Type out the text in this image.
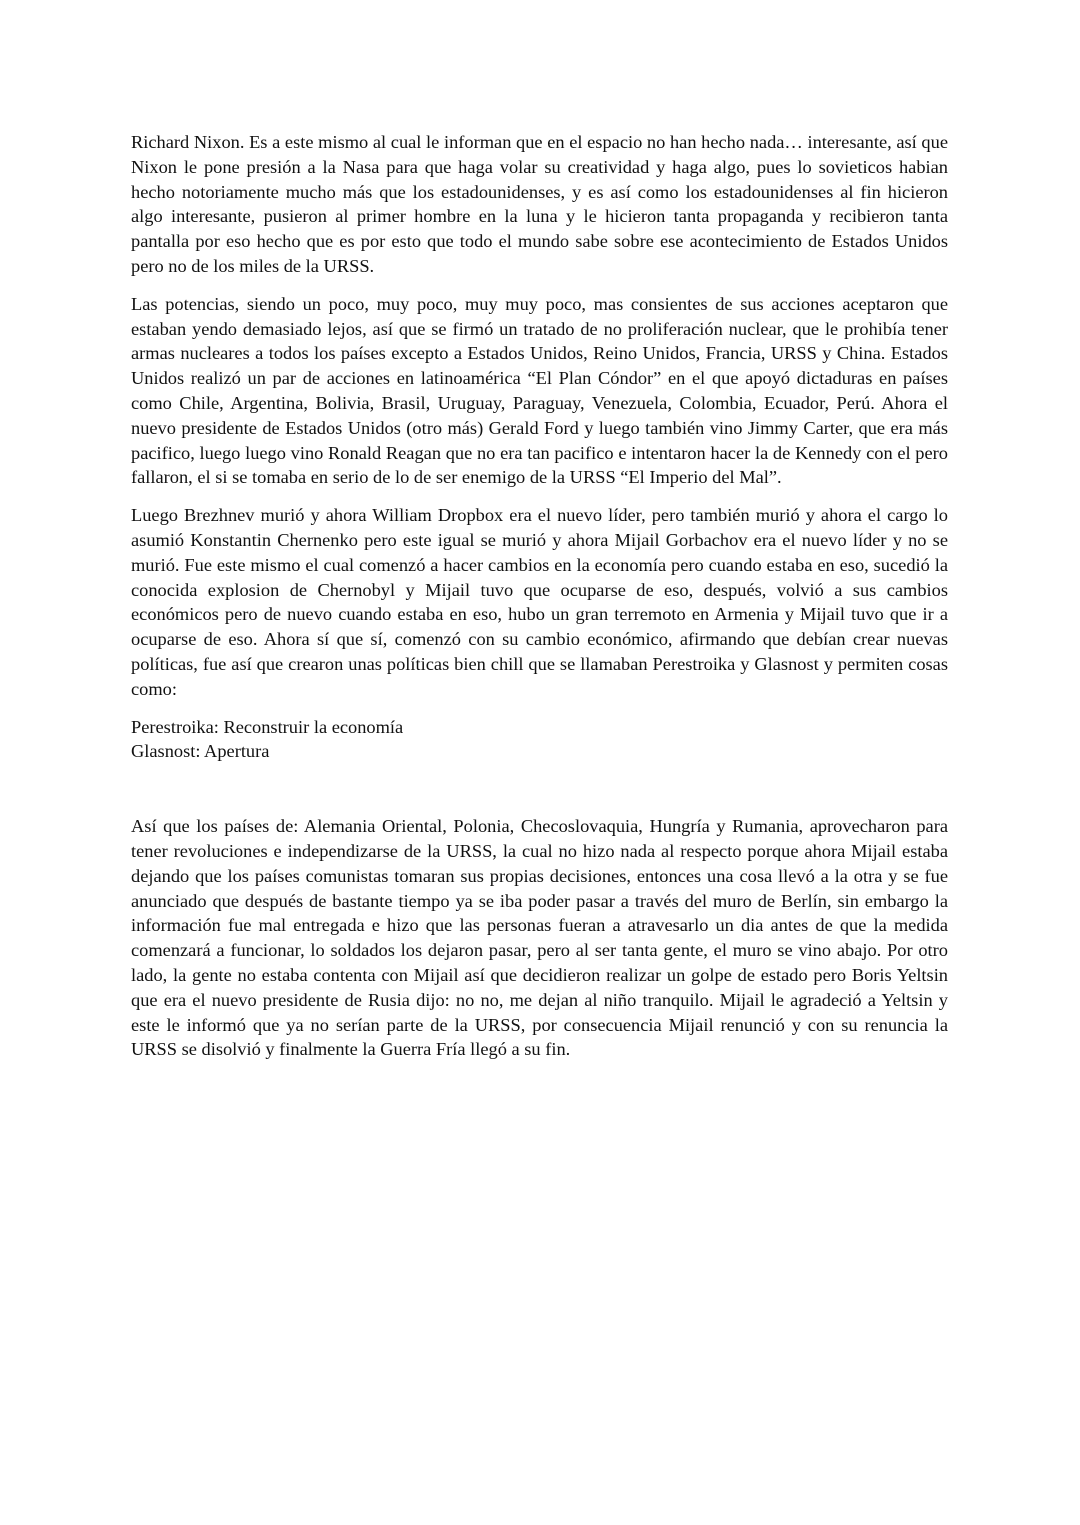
Richard Nixon. Es a este mismo al cual le informan que en el espacio no han hecho nada… interesante, así que Nixon le pone presión a la Nasa para que haga volar su creatividad y haga algo, pues lo sovieticos habian hecho notoriamente mucho más que los estadounidenses, y es así como los estadounidenses al fin hicieron algo interesante, pusieron al primer hombre en la luna y le hicieron tanta propaganda y recibieron tanta pantalla por eso hecho que es por esto que todo el mundo sabe sobre ese acontecimiento de Estados Unidos pero no de los miles de la URSS.

Las potencias, siendo un poco, muy poco, muy muy poco, mas consientes de sus acciones aceptaron que estaban yendo demasiado lejos, así que se firmó un tratado de no proliferación nuclear, que le prohibía tener armas nucleares a todos los países excepto a Estados Unidos, Reino Unidos, Francia, URSS y China. Estados Unidos realizó un par de acciones en latinoamérica “El Plan Cóndor” en el que apoyó dictaduras en países como Chile, Argentina, Bolivia, Brasil, Uruguay, Paraguay, Venezuela, Colombia, Ecuador, Perú. Ahora el nuevo presidente de Estados Unidos (otro más) Gerald Ford y luego también vino Jimmy Carter, que era más pacifico, luego luego vino Ronald Reagan que no era tan pacifico e intentaron hacer la de Kennedy con el pero fallaron, el si se tomaba en serio de lo de ser enemigo de la URSS “El Imperio del Mal”.

Luego Brezhnev murió y ahora William Dropbox era el nuevo líder, pero también murió y ahora el cargo lo asumió Konstantin Chernenko pero este igual se murió y ahora Mijail Gorbachov era el nuevo líder y no se murió. Fue este mismo el cual comenzó a hacer cambios en la economía pero cuando estaba en eso, sucedió la conocida explosion de Chernobyl y Mijail tuvo que ocuparse de eso, después, volvió a sus cambios económicos pero de nuevo cuando estaba en eso, hubo un gran terremoto en Armenia y Mijail tuvo que ir a ocuparse de eso. Ahora sí que sí, comenzó con su cambio económico, afirmando que debían crear nuevas políticas, fue así que crearon unas políticas bien chill que se llamaban Perestroika y Glasnost y permiten cosas como:

Perestroika: Reconstruir la economía

Glasnost: Apertura

Así que los países de: Alemania Oriental, Polonia, Checoslovaquia, Hungría y Rumania, aprovecharon para tener revoluciones e independizarse de la URSS, la cual no hizo nada al respecto porque ahora Mijail estaba dejando que los países comunistas tomaran sus propias decisiones, entonces una cosa llevó a la otra y se fue anunciado que después de bastante tiempo ya se iba poder pasar a través del muro de Berlín, sin embargo la información fue mal entregada e hizo que las personas fueran a atravesarlo un dia antes de que la medida comenzará a funcionar, lo soldados los dejaron pasar, pero al ser tanta gente, el muro se vino abajo. Por otro lado, la gente no estaba contenta con Mijail así que decidieron realizar un golpe de estado pero Boris Yeltsin que era el nuevo presidente de Rusia dijo: no no, me dejan al niño tranquilo. Mijail le agradeció a Yeltsin y este le informó que ya no serían parte de la URSS, por consecuencia Mijail renunció y con su renuncia la URSS se disolvió y finalmente la Guerra Fría llegó a su fin.
